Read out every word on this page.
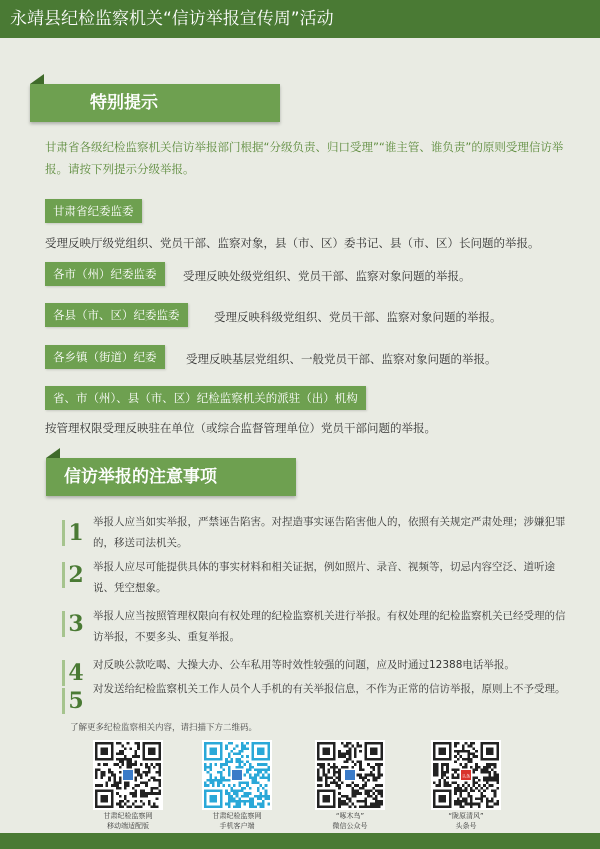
永靖县纪检监察机关“信访举报宣传周”活动
特别提示
甘肃省各级纪检监察机关信访举报部门根据“分级负责、归口受理”“谁主管、谁负责”的原则受理信访举报。请按下列提示分级举报。
甘肃省纪委监委
受理反映厅级党组织、党员干部、监察对象，县（市、区）委书记、县（市、区）长问题的举报。
各市（州）纪委监委	受理反映处级党组织、党员干部、监察对象问题的举报。
各县（市、区）纪委监委	受理反映科级党组织、党员干部、监察对象问题的举报。
各乡镇（街道）纪委	受理反映基层党组织、一般党员干部、监察对象问题的举报。
省、市（州）、县（市、区）纪检监察机关的派驻（出）机构
按管理权限受理反映驻在单位（或综合监督管理单位）党员干部问题的举报。
信访举报的注意事项
1 举报人应当如实举报，严禁诬告陷害。对捏造事实诬告陷害他人的，依照有关规定严肃处理；涉嫌犯罪的，移送司法机关。
2 举报人应尽可能提供具体的事实材料和相关证据，例如照片、录音、视频等，切忌内容空泛、道听途说、凭空想象。
3 举报人应当按照管理权限向有权处理的纪检监察机关进行举报。有权处理的纪检监察机关已经受理的信访举报，不要多头、重复举报。
4 对反映公款吃喝、大操大办、公车私用等时效性较强的问题，应及时通过12388电话举报。
5 对发送给纪检监察机关工作人员个人手机的有关举报信息，不作为正常的信访举报，原则上不予受理。
了解更多纪检监察相关内容，请扫描下方二维码。
头条
甘肃纪检监察网
移动端适配版
甘肃纪检监察网
手机客户端
“啄木鸟”
微信公众号
“陇原清风”
头条号
